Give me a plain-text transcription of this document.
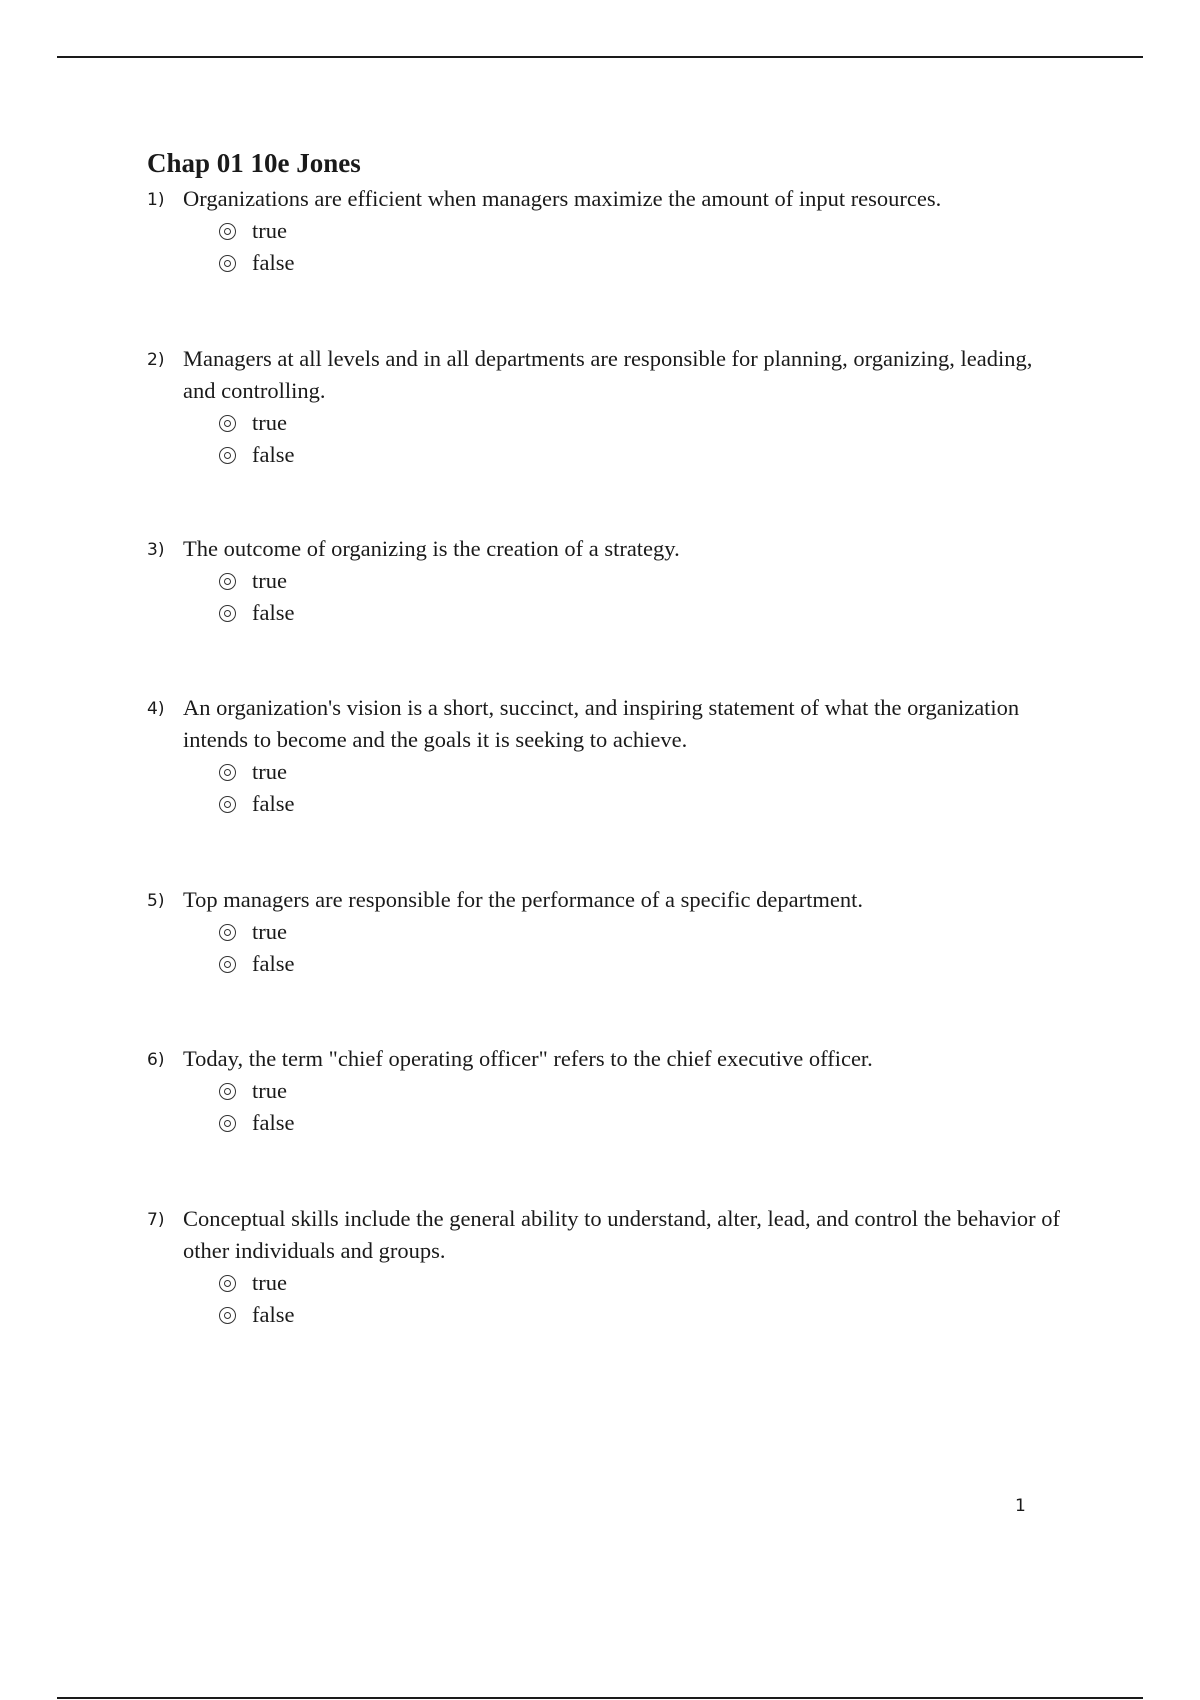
Chap 01 10e Jones
1) Organizations are efficient when managers maximize the amount of input resources.

true
false
2) Managers at all levels and in all departments are responsible for planning, organizing, leading, and controlling.

true
false
3) The outcome of organizing is the creation of a strategy.

true
false
4) An organization's vision is a short, succinct, and inspiring statement of what the organization intends to become and the goals it is seeking to achieve.

true
false
5) Top managers are responsible for the performance of a specific department.

true
false
6) Today, the term "chief operating officer" refers to the chief executive officer.

true
false
7) Conceptual skills include the general ability to understand, alter, lead, and control the behavior of other individuals and groups.

true
false
1
